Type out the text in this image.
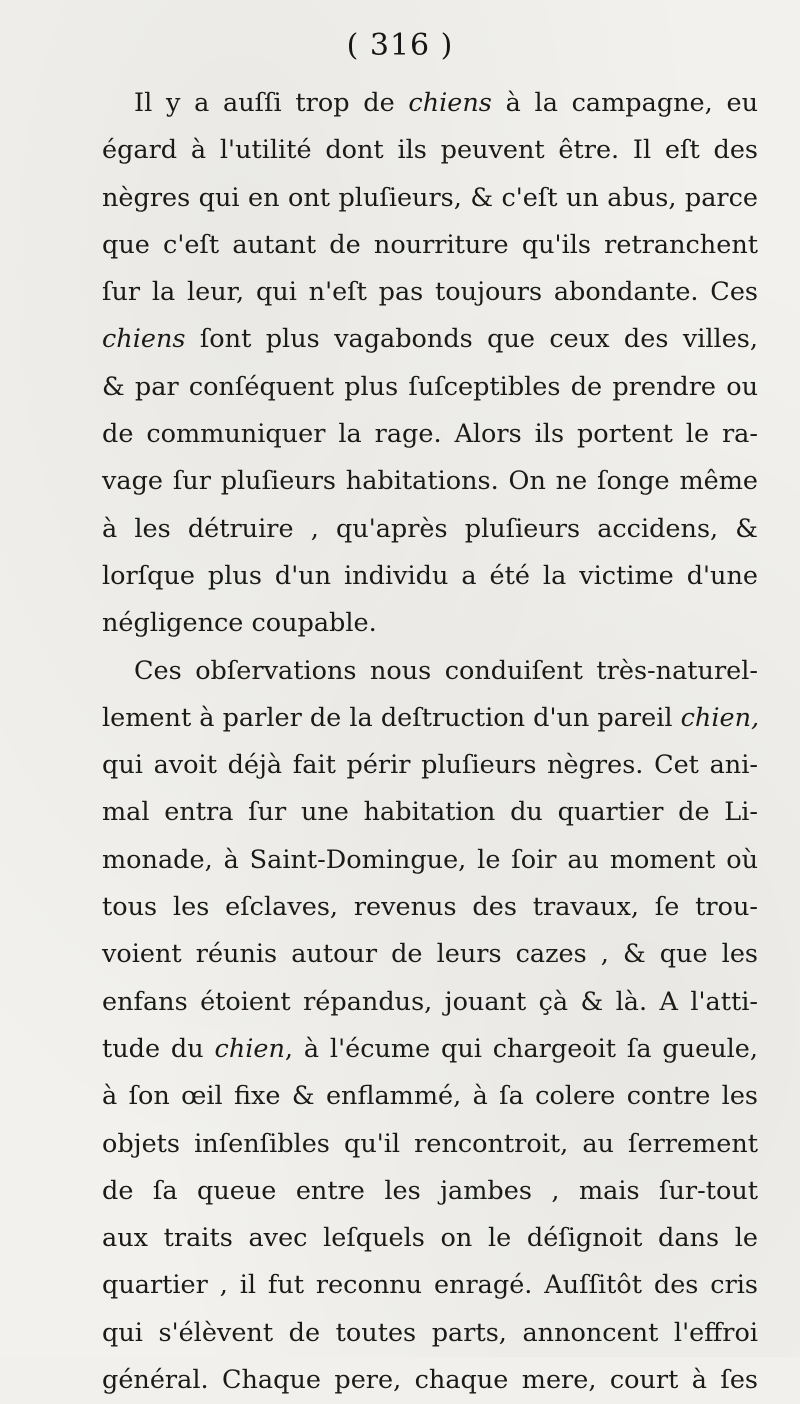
( 316 )
Il y a auſſi trop de chiens à la campagne, eu
égard à l'utilité dont ils peuvent être. Il eſt des
nègres qui en ont pluſieurs, & c'eſt un abus, parce
que c'eſt autant de nourriture qu'ils retranchent
ſur la leur, qui n'eſt pas toujours abondante. Ces
chiens ſont plus vagabonds que ceux des villes,
& par conſéquent plus ſuſceptibles de prendre ou
de communiquer la rage. Alors ils portent le ra-
vage ſur pluſieurs habitations. On ne ſonge même
à les détruire , qu'après pluſieurs accidens, &
lorſque plus d'un individu a été la victime d'une
négligence coupable.
Ces obſervations nous conduiſent très-naturel-
lement à parler de la deſtruction d'un pareil chien,
qui avoit déjà fait périr pluſieurs nègres. Cet ani-
mal entra ſur une habitation du quartier de Li-
monade, à Saint-Domingue, le ſoir au moment où
tous les eſclaves, revenus des travaux, ſe trou-
voient réunis autour de leurs cazes , & que les
enfans étoient répandus, jouant çà & là. A l'atti-
tude du chien, à l'écume qui chargeoit ſa gueule,
à ſon œil fixe & enflammé, à ſa colere contre les
objets inſenſibles qu'il rencontroit, au ſerrement
de ſa queue entre les jambes , mais ſur-tout
aux traits avec leſquels on le déſignoit dans le
quartier , il fut reconnu enragé. Auſſitôt des cris
qui s'élèvent de toutes parts, annoncent l'effroi
général. Chaque pere, chaque mere, court à ſes
